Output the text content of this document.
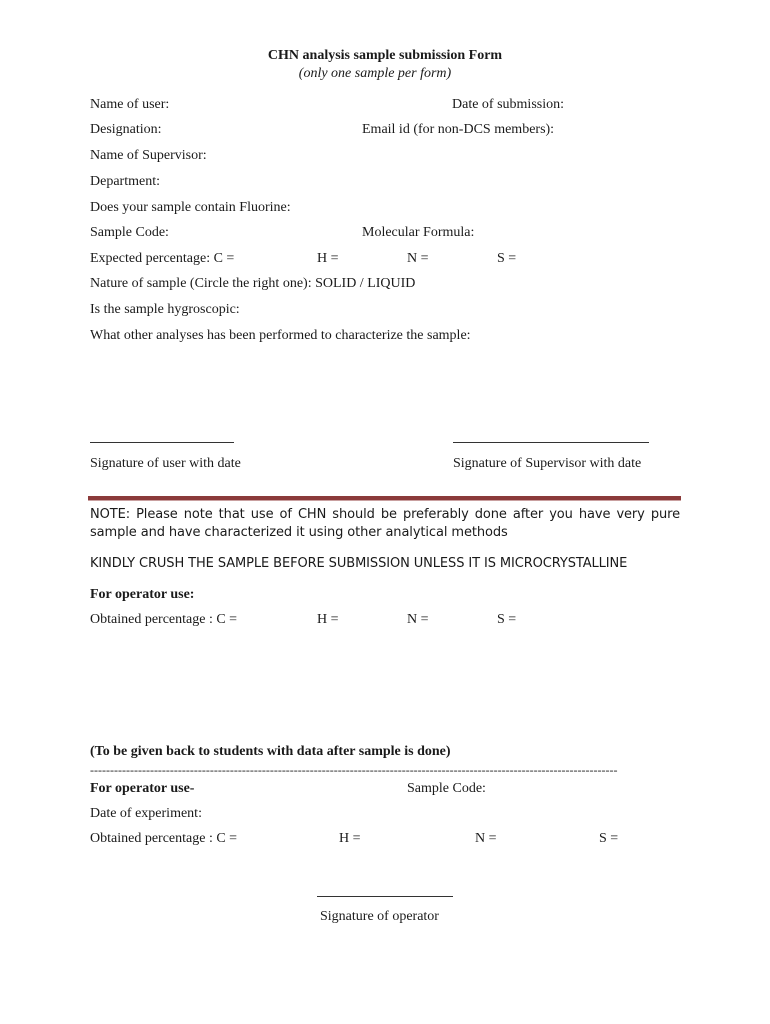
CHN analysis sample submission Form
(only one sample per form)
Name of user:	Date of submission:
Designation:	Email id (for non-DCS members):
Name of Supervisor:
Department:
Does your sample contain Fluorine:
Sample Code:	Molecular Formula:
Expected percentage: C =	H =	N =	S =
Nature of sample (Circle the right one): SOLID / LIQUID
Is the sample hygroscopic:
What other analyses has been performed to characterize the sample:
Signature of user with date	Signature of Supervisor with date
NOTE: Please note that use of CHN should be preferably done after you have very pure
sample and have characterized it using other analytical methods
KINDLY CRUSH THE SAMPLE BEFORE SUBMISSION UNLESS IT IS MICROCRYSTALLINE
For operator use:
Obtained percentage : C =	H =	N =	S =
(To be given back to students with data after sample is done)
------------------------------------------------------------------------------------------------------------------------------------
For operator use-	Sample Code:
Date of experiment:
Obtained percentage : C =	H =	N =	S =
Signature of operator
